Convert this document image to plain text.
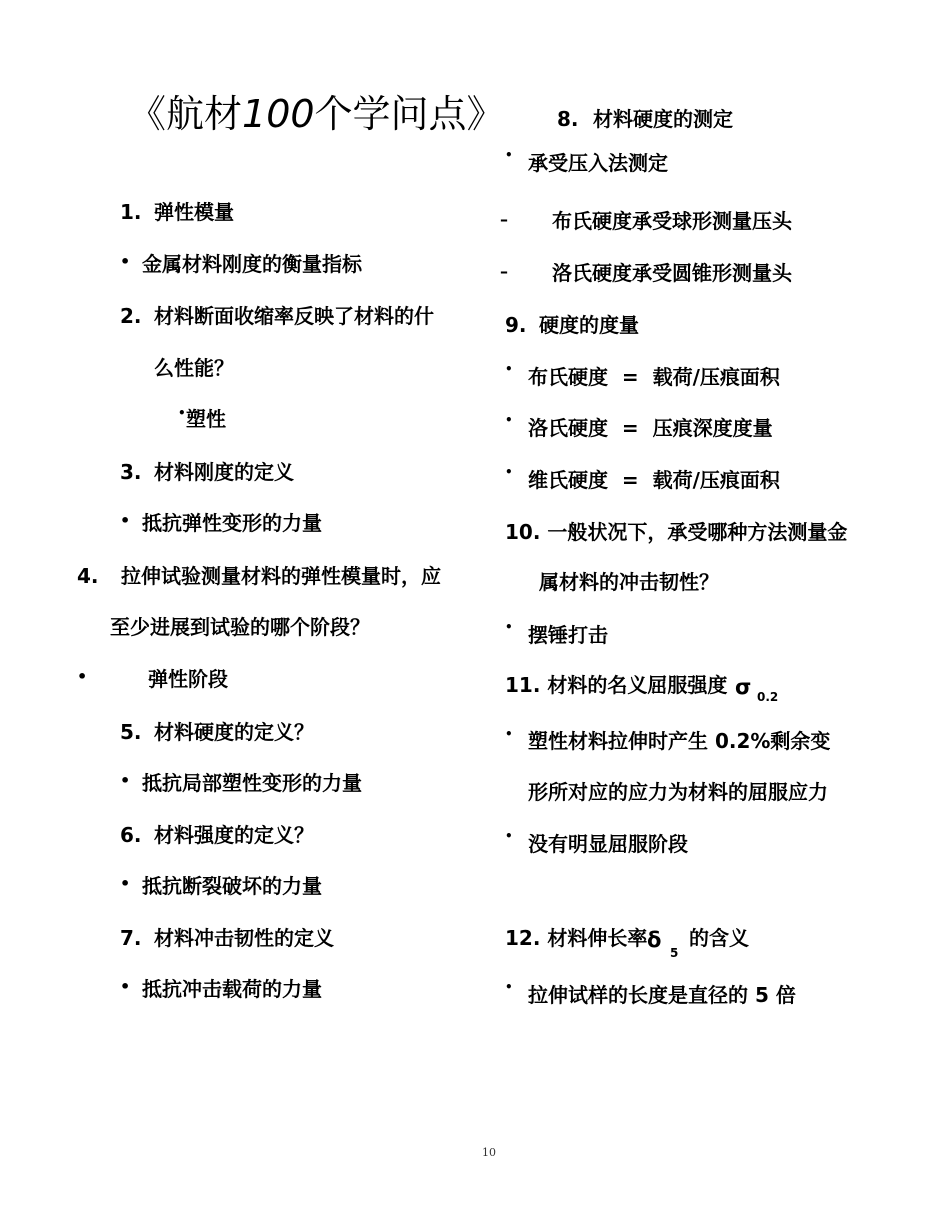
《航材100个学问点》
1. 弹性模量
• 金属材料刚度的衡量指标
2. 材料断面收缩率反映了材料的什
么性能？
• 塑性
3. 材料刚度的定义
• 抵抗弹性变形的力量
4. 拉伸试验测量材料的弹性模量时，应
至少进展到试验的哪个阶段？
•	弹性阶段
5. 材料硬度的定义？
• 抵抗局部塑性变形的力量
6. 材料强度的定义？
• 抵抗断裂破坏的力量
7. 材料冲击韧性的定义
• 抵抗冲击载荷的力量
8. 材料硬度的测定
• 承受压入法测定
– 布氏硬度承受球形测量压头
– 洛氏硬度承受圆锥形测量头
9. 硬度的度量
• 布氏硬度  =  载荷/压痕面积
• 洛氏硬度  =  压痕深度度量
• 维氏硬度  =  载荷/压痕面积
10. 一般状况下，承受哪种方法测量金
属材料的冲击韧性？
• 摆锤打击
11. 材料的名义屈服强度 σ 0.2
• 塑性材料拉伸时产生 0.2%剩余变
形所对应的应力为材料的屈服应力
• 没有明显屈服阶段
12. 材料伸长率 δ
5
的含义
• 拉伸试样的长度是直径的 5 倍
10
